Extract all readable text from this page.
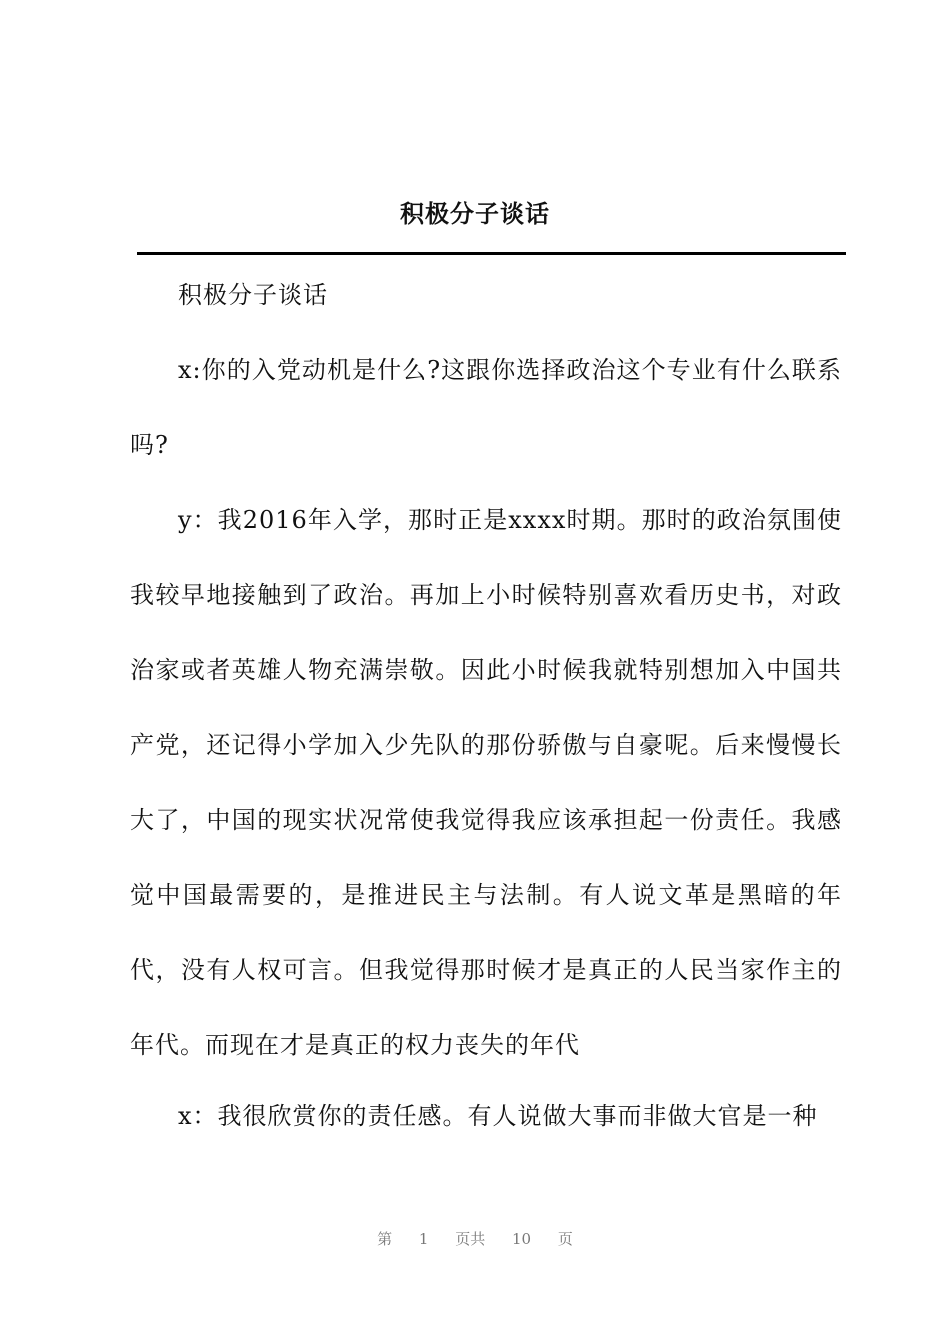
积极分子谈话

积极分子谈话

x:你的入党动机是什么?这跟你选择政治这个专业有什么联系吗?

y：我2016年入学，那时正是xxxx时期。那时的政治氛围使我较早地接触到了政治。再加上小时候特别喜欢看历史书，对政治家或者英雄人物充满崇敬。因此小时候我就特别想加入中国共产党，还记得小学加入少先队的那份骄傲与自豪呢。后来慢慢长大了，中国的现实状况常使我觉得我应该承担起一份责任。我感觉中国最需要的，是推进民主与法制。有人说文革是黑暗的年代，没有人权可言。但我觉得那时候才是真正的人民当家作主的年代。而现在才是真正的权力丧失的年代

x：我很欣赏你的责任感。有人说做大事而非做大官是一种

第 1 页共 10 页
